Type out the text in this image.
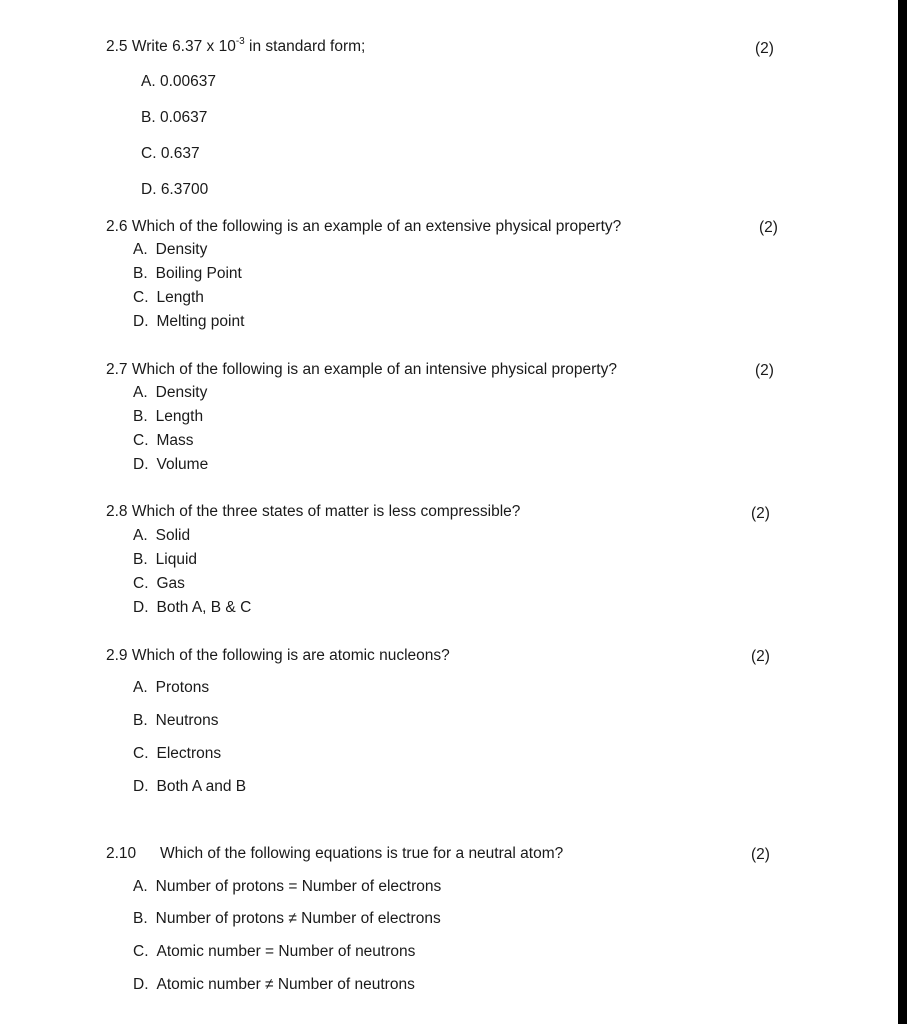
2.5 Write 6.37 x $10^{-3}$ in standard form;	(2)
A. 0.00637
B. 0.0637
C. 0.637
D. 6.3700
2.6 Which of the following is an example of an extensive physical property?	(2)
A. Density
B. Boiling Point
C. Length
D. Melting point
2.7 Which of the following is an example of an intensive physical property?	(2)
A. Density
B. Length
C. Mass
D. Volume
2.8 Which of the three states of matter is less compressible?	(2)
A. Solid
B. Liquid
C. Gas
D. Both A, B & C
2.9 Which of the following is are atomic nucleons?	(2)
A. Protons
B. Neutrons
C. Electrons
D. Both A and B
2.10 Which of the following equations is true for a neutral atom?	(2)
A. Number of protons = Number of electrons
B. Number of protons ≠ Number of electrons
C. Atomic number = Number of neutrons
D. Atomic number ≠ Number of neutrons
